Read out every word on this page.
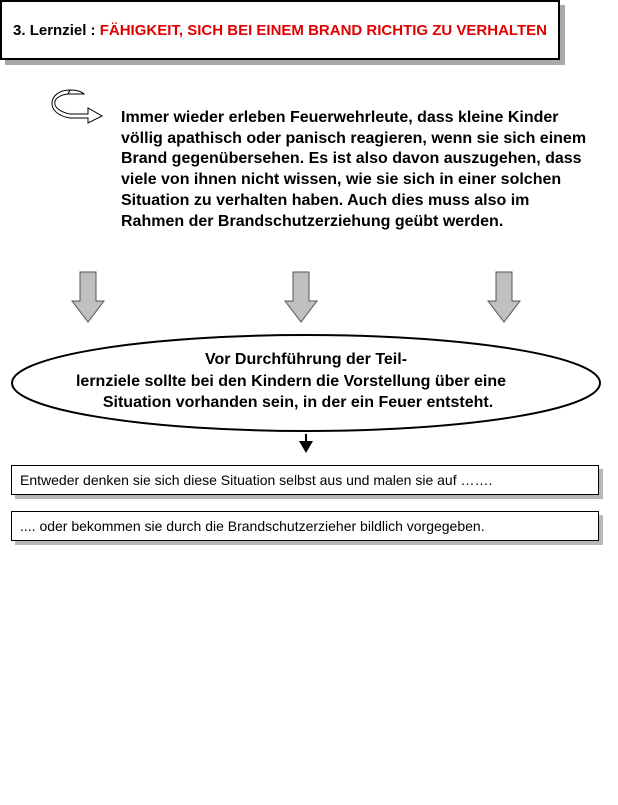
3. Lernziel : FÄHIGKEIT, SICH BEI EINEM BRAND RICHTIG ZU VERHALTEN
Immer wieder erleben Feuerwehrleute, dass kleine Kinder völlig apathisch oder panisch reagieren, wenn sie sich einem Brand gegenübersehen. Es ist also davon auszugehen, dass viele von ihnen nicht wissen, wie sie sich in einer solchen Situation zu verhalten haben. Auch dies muss also im Rahmen der Brandschutzerziehung geübt werden.
Vor Durchführung der Teil-
lernziele sollte bei den Kindern die Vorstellung über eine
Situation vorhanden sein, in der ein Feuer entsteht.
Entweder denken sie sich diese Situation selbst aus und malen sie auf …….
.... oder bekommen sie durch die Brandschutzerzieher bildlich vorgegeben.
